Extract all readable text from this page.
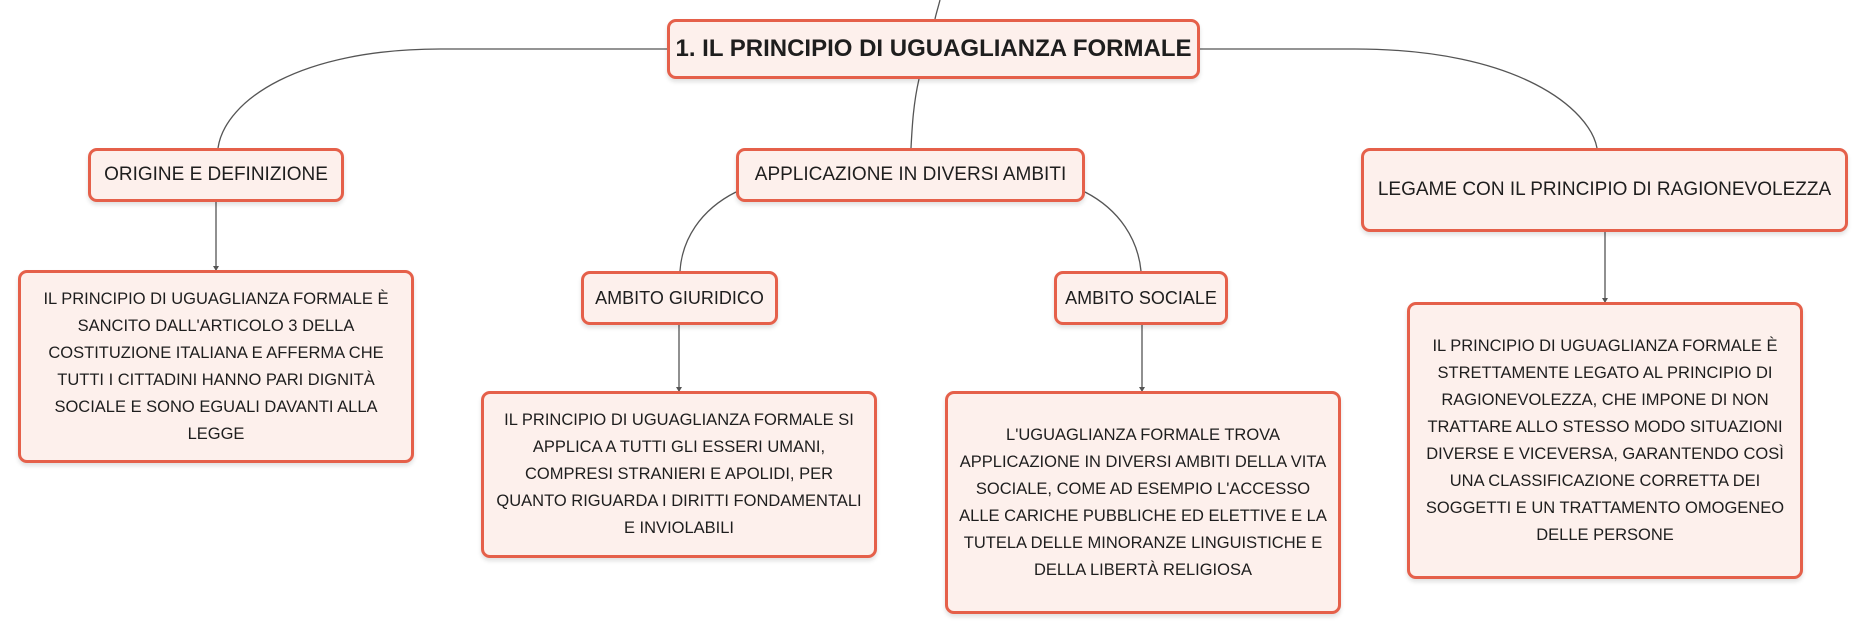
1. IL PRINCIPIO DI UGUAGLIANZA FORMALE
ORIGINE E DEFINIZIONE	APPLICAZIONE IN DIVERSI AMBITI
LEGAME CON IL PRINCIPIO DI RAGIONEVOLEZZA
AMBITO GIURIDICO	AMBITO SOCIALE
IL PRINCIPIO DI UGUAGLIANZA FORMALE È SANCITO DALL'ARTICOLO 3 DELLA COSTITUZIONE ITALIANA E AFFERMA CHE TUTTI I CITTADINI HANNO PARI DIGNITÀ SOCIALE E SONO EGUALI DAVANTI ALLA LEGGE
IL PRINCIPIO DI UGUAGLIANZA FORMALE SI APPLICA A TUTTI GLI ESSERI UMANI, COMPRESI STRANIERI E APOLIDI, PER QUANTO RIGUARDA I DIRITTI FONDAMENTALI E INVIOLABILI
L'UGUAGLIANZA FORMALE TROVA APPLICAZIONE IN DIVERSI AMBITI DELLA VITA SOCIALE, COME AD ESEMPIO L'ACCESSO ALLE CARICHE PUBBLICHE ED ELETTIVE E LA TUTELA DELLE MINORANZE LINGUISTICHE E DELLA LIBERTÀ RELIGIOSA
IL PRINCIPIO DI UGUAGLIANZA FORMALE È STRETTAMENTE LEGATO AL PRINCIPIO DI RAGIONEVOLEZZA, CHE IMPONE DI NON TRATTARE ALLO STESSO MODO SITUAZIONI DIVERSE E VICEVERSA, GARANTENDO COSÌ UNA CLASSIFICAZIONE CORRETTA DEI SOGGETTI E UN TRATTAMENTO OMOGENEO DELLE PERSONE
